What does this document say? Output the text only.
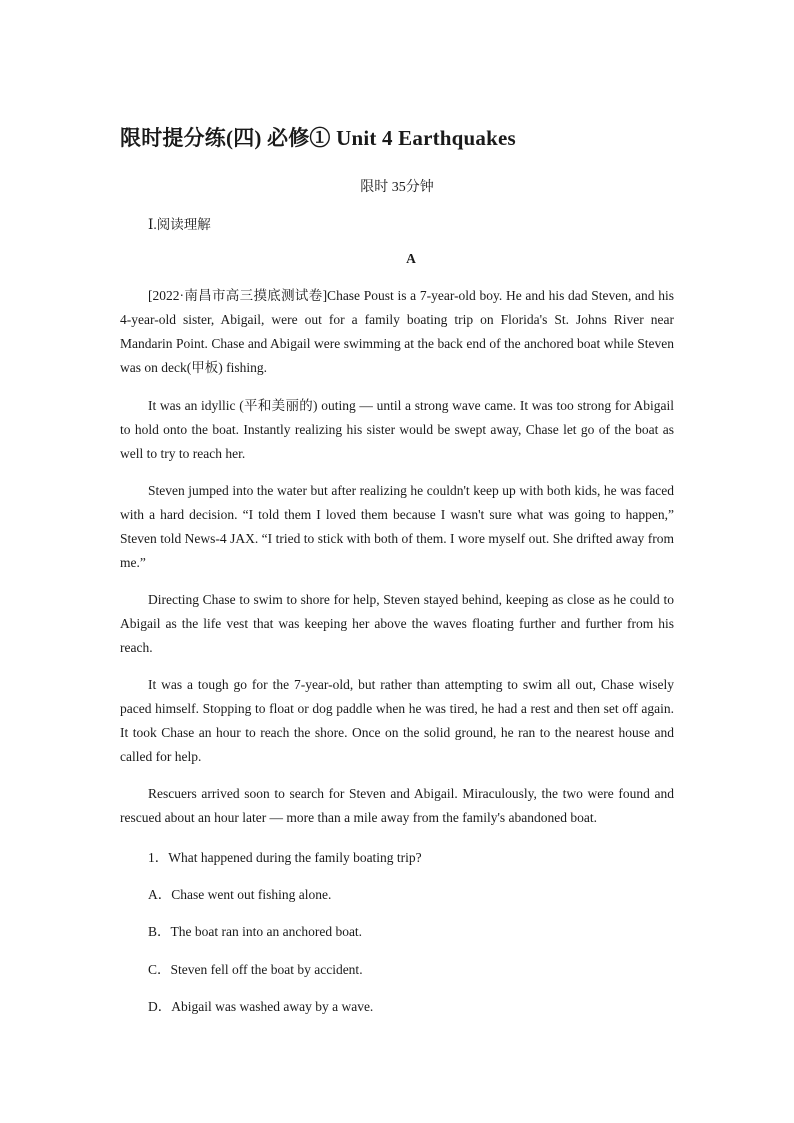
限时提分练(四) 必修① Unit 4 Earthquakes
限时 35分钟
Ⅰ.阅读理解
A

[2022·南昌市高三摸底测试卷]Chase Poust is a 7-year-old boy. He and his dad Steven, and his 4-year-old sister, Abigail, were out for a family boating trip on Florida's St. Johns River near Mandarin Point. Chase and Abigail were swimming at the back end of the anchored boat while Steven was on deck(甲板) fishing.

It was an idyllic (平和美丽的) outing — until a strong wave came. It was too strong for Abigail to hold onto the boat. Instantly realizing his sister would be swept away, Chase let go of the boat as well to try to reach her.

Steven jumped into the water but after realizing he couldn't keep up with both kids, he was faced with a hard decision. “I told them I loved them because I wasn't sure what was going to happen,” Steven told News-4 JAX. “I tried to stick with both of them. I wore myself out. She drifted away from me.”

Directing Chase to swim to shore for help, Steven stayed behind, keeping as close as he could to Abigail as the life vest that was keeping her above the waves floating further and further from his reach.

It was a tough go for the 7-year-old, but rather than attempting to swim all out, Chase wisely paced himself. Stopping to float or dog paddle when he was tired, he had a rest and then set off again. It took Chase an hour to reach the shore. Once on the solid ground, he ran to the nearest house and called for help.

Rescuers arrived soon to search for Steven and Abigail. Miraculously, the two were found and rescued about an hour later — more than a mile away from the family's abandoned boat.

1．What happened during the family boating trip?

A．Chase went out fishing alone.

B．The boat ran into an anchored boat.

C．Steven fell off the boat by accident.

D．Abigail was washed away by a wave.
